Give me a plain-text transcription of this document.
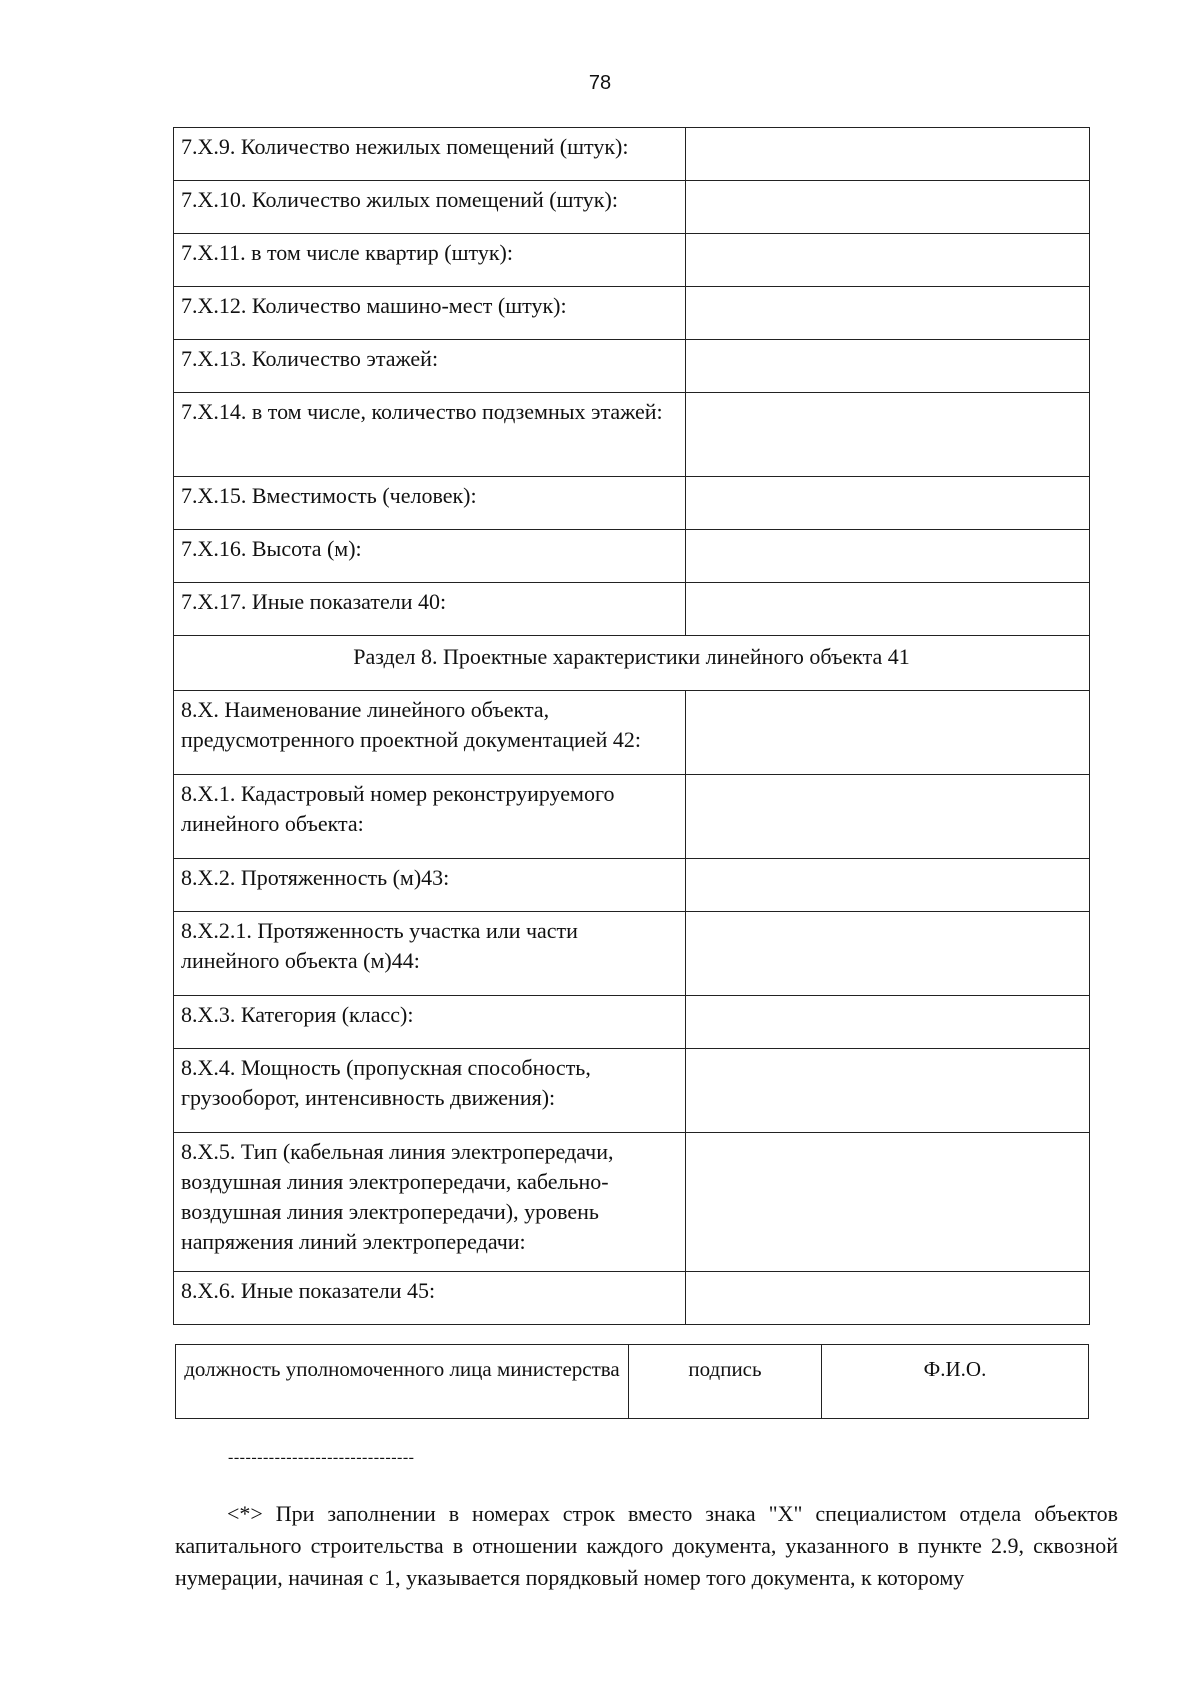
78
7.Х.9. Количество нежилых помещений (штук):	
7.Х.10. Количество жилых помещений (штук):	
7.Х.11. в том числе квартир (штук):	
7.Х.12. Количество машино-мест (штук):	
7.Х.13. Количество этажей:	
7.Х.14. в том числе, количество подземных этажей:	
7.Х.15. Вместимость (человек):	
7.Х.16. Высота (м):	
7.Х.17. Иные показатели 40:	
Раздел 8. Проектные характеристики линейного объекта 41	
8.Х. Наименование линейного объекта, предусмотренного проектной документацией 42:	
8.Х.1. Кадастровый номер реконструируемого линейного объекта:	
8.Х.2. Протяженность (м)43:	
8.Х.2.1. Протяженность участка или части линейного объекта (м)44:	
8.Х.3. Категория (класс):	
8.Х.4. Мощность (пропускная способность, грузооборот, интенсивность движения):	
8.Х.5. Тип (кабельная линия электропередачи, воздушная линия электропередачи, кабельно-воздушная линия электропередачи), уровень напряжения линий электропередачи:	
8.Х.6. Иные показатели 45:	
должность уполномоченного лица министерства	подпись	Ф.И.О.
--------------------------------
<*> При заполнении в номерах строк вместо знака "Х" специалистом отдела объектов капитального строительства в отношении каждого документа, указанного в пункте 2.9, сквозной нумерации, начиная с 1, указывается порядковый номер того документа, к которому
